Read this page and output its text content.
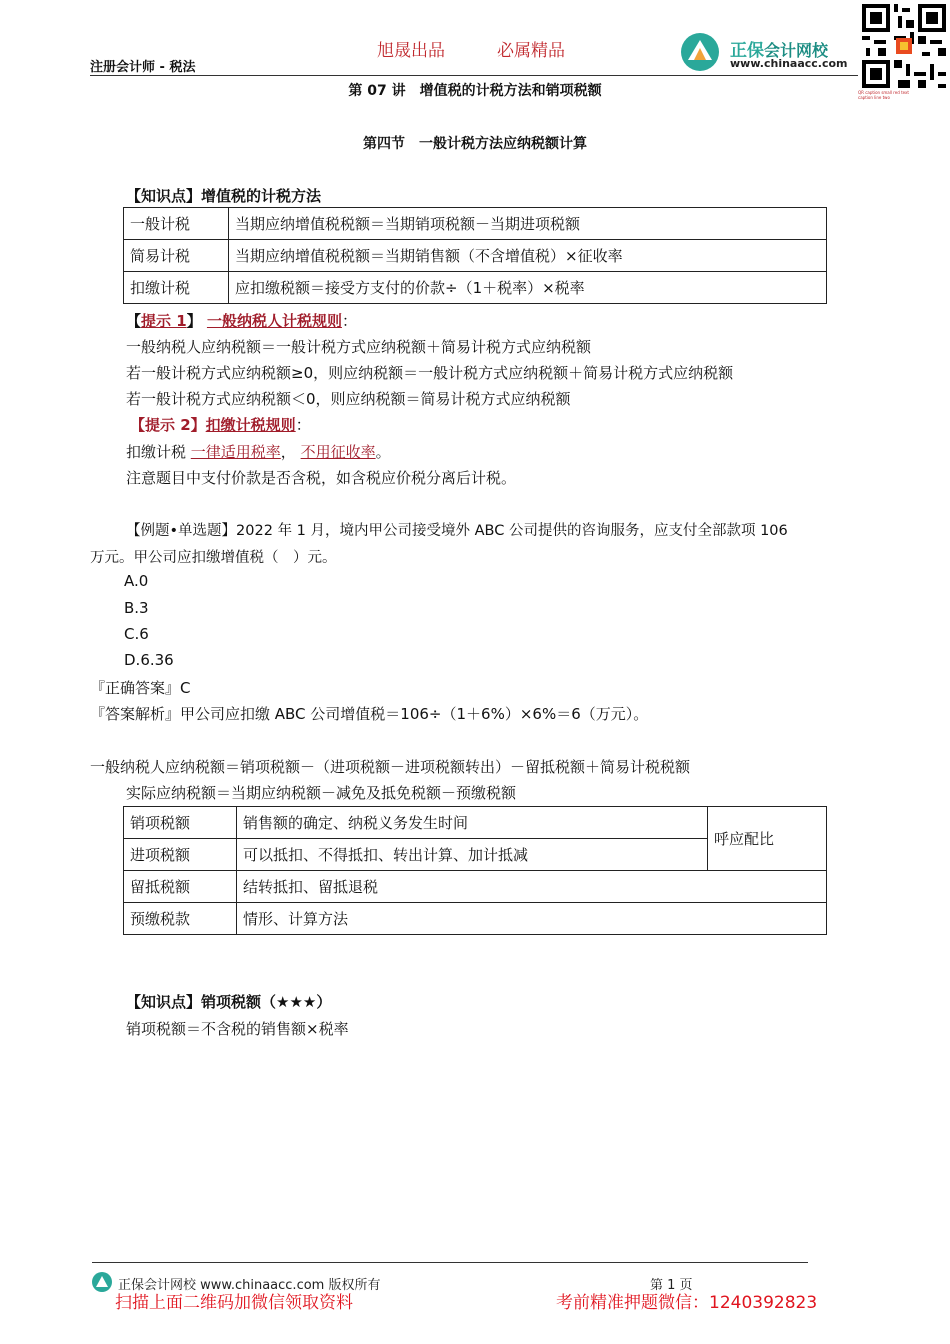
旭晟出品	必属精品
注册会计师 - 税法
正保会计网校
www.chinaacc.com
QR caption small red text
caption line two
第 07 讲　增值税的计税方法和销项税额
第四节　一般计税方法应纳税额计算
【知识点】增值税的计税方法
一般计税	当期应纳增值税税额＝当期销项税额－当期进项税额
简易计税	当期应纳增值税税额＝当期销售额（不含增值税）×征收率
扣缴计税	应扣缴税额＝接受方支付的价款÷（1＋税率）×税率
【提示 1】 一般纳税人计税规则：
一般纳税人应纳税额＝一般计税方式应纳税额＋简易计税方式应纳税额
若一般计税方式应纳税额≥0，则应纳税额＝一般计税方式应纳税额＋简易计税方式应纳税额
若一般计税方式应纳税额＜0，则应纳税额＝简易计税方式应纳税额
【提示 2】扣缴计税规则：
扣缴计税 一律适用税率， 不用征收率。
注意题目中支付价款是否含税，如含税应价税分离后计税。
【例题•单选题】2022 年 1 月，境内甲公司接受境外 ABC 公司提供的咨询服务，应支付全部款项 106
万元。甲公司应扣缴增值税（　）元。
A.0
B.3
C.6
D.6.36
『正确答案』C
『答案解析』甲公司应扣缴 ABC 公司增值税＝106÷（1＋6%）×6%＝6（万元）。
一般纳税人应纳税额＝销项税额－（进项税额－进项税额转出）－留抵税额＋简易计税税额
实际应纳税额＝当期应纳税额－减免及抵免税额－预缴税额
销项税额	销售额的确定、纳税义务发生时间	呼应配比
进项税额	可以抵扣、不得抵扣、转出计算、加计抵减	
留抵税额	结转抵扣、留抵退税	
预缴税款	情形、计算方法	
【知识点】销项税额（★★★）
销项税额＝不含税的销售额×税率
正保会计网校 www.chinaacc.com 版权所有	第 1 页
扫描上面二维码加微信领取资料	考前精准押题微信：1240392823
